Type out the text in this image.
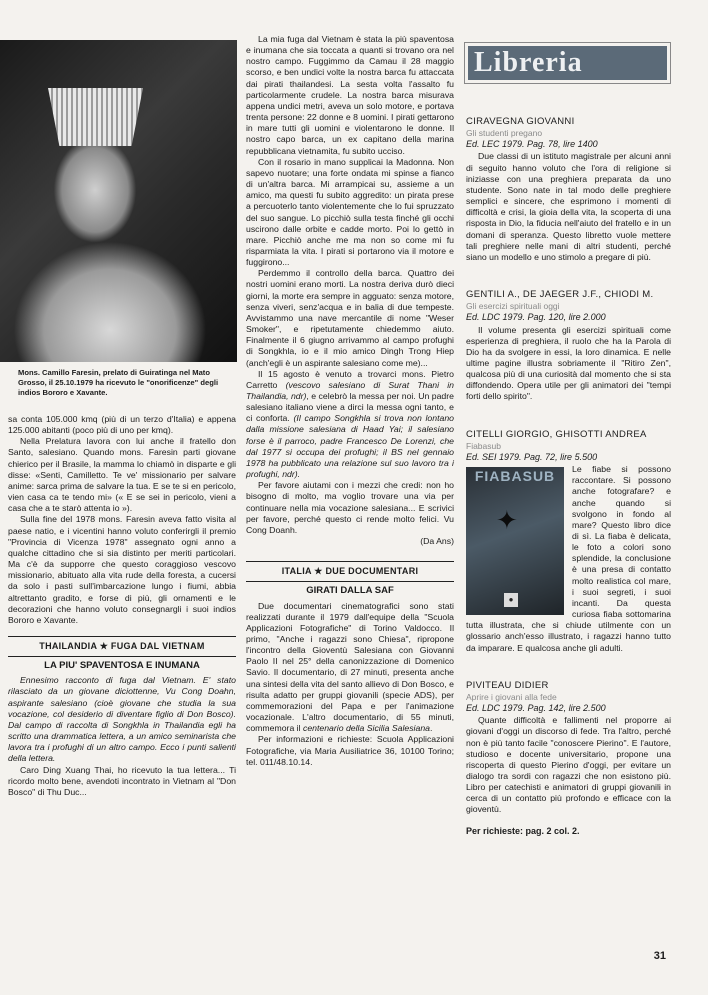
Mons. Camillo Faresin, prelato di Guiratinga nel Mato Grosso, il 25.10.1979 ha ricevuto le "onorificenze" degli indios Bororo e Xavante.

sa conta 105.000 kmq (più di un terzo d'Italia) e appena 125.000 abitanti (poco più di uno per kmq).

Nella Prelatura lavora con lui anche il fratello don Santo, salesiano. Quando mons. Faresin parti giovane chierico per il Brasile, la mamma lo chiamò in disparte e gli disse: «Senti, Camilletto. Te ve' missionario per salvare anime: sarca prima de salvare la tua. E se te si en pericolo, vien casa ca te tendo mi» (« E se sei in pericolo, vieni a casa che a te starò attenta io »).

Sulla fine del 1978 mons. Faresin aveva fatto visita al paese natio, e i vicentini hanno voluto conferirgli il premio "Provincia di Vicenza 1978" assegnato ogni anno a qualche cittadino che si sia distinto per meriti particolari. Ma c'è da supporre che questo coraggioso vescovo missionario, abituato alla vita rude della foresta, a cucersi da solo i pasti sull'imbarcazione lungo i fiumi, abbia altrettanto gradito, e forse di più, gli ornamenti e le decorazioni che hanno voluto consegnargli i suoi indios Bororo e Xavante.

THAILANDIA ★ FUGA DAL VIETNAM
LA PIU' SPAVENTOSA E INUMANA

Ennesimo racconto di fuga dal Vietnam. E' stato rilasciato da un giovane diciottenne, Vu Cong Doahn, aspirante salesiano (cioè giovane che studia la sua vocazione, col desiderio di diventare figlio di Don Bosco). Dal campo di raccolta di Songkhla in Thailandia egli ha scritto una drammatica lettera, a un amico seminarista che lavora tra i profughi di un altro campo. Ecco i punti salienti della lettera.

Caro Ding Xuang Thai, ho ricevuto la tua lettera... Ti ricordo molto bene, avendoti incontrato in Vietnam al "Don Bosco" di Thu Duc...

La mia fuga dal Vietnam è stata la più spaventosa e inumana che sia toccata a quanti si trovano ora nel nostro campo. Fuggimmo da Camau il 28 maggio scorso, e ben undici volte la nostra barca fu attaccata dai pirati thailandesi. La sesta volta l'assalto fu particolarmente crudele. La nostra barca misurava appena undici metri, aveva un solo motore, e portava trenta persone: 22 donne e 8 uomini. I pirati gettarono in mare tutti gli uomini e violentarono le donne. Il nostro capo barca, un ex capitano della marina repubblicana vietnamita, fu subito ucciso.

Con il rosario in mano supplicai la Madonna. Non sapevo nuotare; una forte ondata mi spinse a fianco di un'altra barca. Mi arrampicai su, assieme a un amico, ma questi fu subito aggredito: un pirata prese a percuoterlo tanto violentemente che lo fui spruzzato del suo sangue. Lo picchiò sulla testa finché gli occhi uscirono dalle orbite e cadde morto. Poi lo gettò in mare. Picchiò anche me ma non so come mi fu risparmiata la vita. I pirati si portarono via il motore e fuggirono...

Perdemmo il controllo della barca. Quattro dei nostri uomini erano morti. La nostra deriva durò dieci giorni, la morte era sempre in agguato: senza motore, senza viveri, senz'acqua e in balia di due tempeste. Avvistammo una nave mercantile di nome "Weser Smoker", e ripetutamente chiedemmo aiuto. Finalmente il 6 giugno arrivammo al campo profughi di Songkhla, io e il mio amico Dingh Trong Hiep (anch'egli è un aspirante salesiano come me)...

Il 15 agosto è venuto a trovarci mons. Pietro Carretto (vescovo salesiano di Surat Thani in Thailandia, ndr), e celebrò la messa per noi. Un padre salesiano italiano viene a dirci la messa ogni tanto, e ci conforta. (Il campo Songkhla si trova non lontano dalla missione salesiana di Haad Yai; il salesiano forse è il parroco, padre Francesco De Lorenzi, che dal 1977 si occupa dei profughi; il BS nel gennaio 1978 ha pubblicato una relazione sul suo lavoro tra i profughi, ndr).

Per favore aiutami con i mezzi che credi: non ho bisogno di molto, ma voglio trovare una via per continuare nella mia vocazione salesiana... E scrivici per favore, perché questo ci rende molto felici. Vu Cong Doanh.

(Da Ans)
ITALIA ★ DUE DOCUMENTARI
GIRATI DALLA SAF

Due documentari cinematografici sono stati realizzati durante il 1979 dall'equipe della "Scuola Applicazioni Fotografiche" di Torino Valdocco. Il primo, "Anche i ragazzi sono Chiesa", ripropone l'incontro della Gioventù Salesiana con Giovanni Paolo II nel 25° della canonizzazione di Domenico Savio. Il documentario, di 27 minuti, presenta anche una sintesi della vita del santo allievo di Don Bosco, e risulta adatto per gruppi giovanili (specie ADS), per commemorazioni del Papa e per l'animazione vocazionale. L'altro documentario, di 55 minuti, commemora il centenario della Sicilia Salesiana.

Per informazioni e richieste: Scuola Applicazioni Fotografiche, via Maria Ausiliatrice 36, 10100 Torino; tel. 011/48.10.14.

Libreria
CIRAVEGNA GIOVANNI
Gli studenti pregano
Ed. LEC 1979. Pag. 78, lire 1400

Due classi di un istituto magistrale per alcuni anni di seguito hanno voluto che l'ora di religione si iniziasse con una preghiera preparata da uno studente. Sono nate in tal modo delle preghiere semplici e sincere, che esprimono i momenti di difficoltà e crisi, la gioia della vita, la scoperta di una risposta in Dio, la fiducia nell'aiuto del fratello e in un domani di speranza. Questo libretto vuole mettere tali preghiere nelle mani di altri studenti, perché siano un modello e uno stimolo a pregare di più.

GENTILI A., DE JAEGER J.F., CHIODI M.
Gli esercizi spirituali oggi
Ed. LDC 1979. Pag. 120, lire 2.000

Il volume presenta gli esercizi spirituali come esperienza di preghiera, il ruolo che ha la Parola di Dio ha da svolgere in essi, la loro dinamica. E nelle ultime pagine illustra sobriamente il "Ritiro Zen", qualcosa più di una curiosità dal momento che si sta diffondendo. Opera utile per gli animatori dei "tempi forti dello spirito".

CITELLI GIORGIO, GHISOTTI ANDREA
Fiabasub
Ed. SEI 1979. Pag. 72, lire 5.500
FIABASUB
✦
●

Le fiabe si possono raccontare. Si possono anche fotografare? e anche quando si svolgono in fondo al mare? Questo libro dice di sì. La fiaba è delicata, le foto a colori sono splendide, la conclusione è una presa di contatto molto realistica col mare, i suoi segreti, i suoi incanti. Da questa curiosa fiaba sottomarina tutta illustrata, che si chiude utilmente con un glossario anch'esso illustrato, i ragazzi hanno tutto da imparare. E qualcosa anche gli adulti.

PIVITEAU DIDIER
Aprire i giovani alla fede
Ed. LDC 1979. Pag. 142, lire 2.500

Quante difficoltà e fallimenti nel proporre ai giovani d'oggi un discorso di fede. Tra l'altro, perché non è più tanto facile "conoscere Pierino". E l'autore, studioso e docente universitario, propone una riscoperta di questo Pierino d'oggi, per evitare un dialogo tra sordi con ragazzi che non esistono più. Libro per catechisti e animatori di gruppi giovanili in cerca di un contatto più profondo e efficace con la gioventù.

Per richieste: pag. 2 col. 2.
31
